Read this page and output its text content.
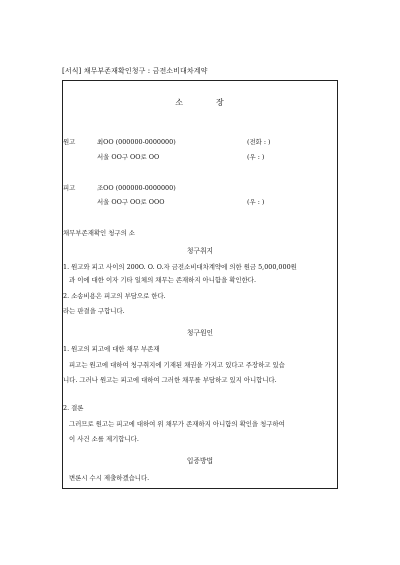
[서식] 채무부존재확인청구 : 금전소비대차계약
소	장
원고	최OO (000000-0000000)	(전화 : )
서울 OO구 OO로 OO	(우 : )
피고	조OO (000000-0000000)
서울 OO구 OO로 OOO	(우 : )
채무부존재확인 청구의 소
청구취지
1. 원고와 피고 사이의 200O. O. O.자 금전소비대차계약에 의한 원금 5,000,000원
과 이에 대한 이자 기타 일체의 채무는 존재하지 아니함을 확인한다.
2. 소송비용은 피고의 부담으로 한다.
라는 판결을 구합니다.
청구원인
1. 원고의 피고에 대한 채무 부존재
피고는 원고에 대하여 청구취지에 기재된 채권을 가지고 있다고 주장하고 있습
니다. 그러나 원고는 피고에 대하여 그러한 채무를 부담하고 있지 아니합니다.
2. 결론
그러므로 원고는 피고에 대하여 위 채무가 존재하지 아니함의 확인을 청구하여
이 사건 소를 제기합니다.
입증방법
변론시 수시 제출하겠습니다.
